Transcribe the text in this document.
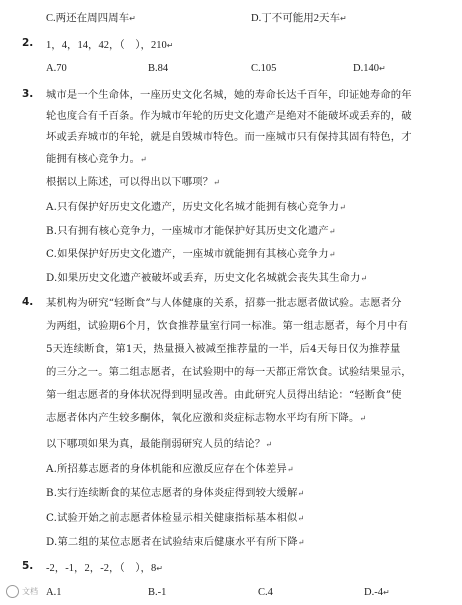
C.两还在周四周车↵	D.丁不可能用2天车↵
2. 1，4，14，42，（　），210↵
A.70	B.84	C.105	D.140↵
3. 城市是一个生命体，一座历史文化名城，她的寿命长达千百年，印证她寿命的年
轮也度合有千百条。作为城市年轮的历史文化遗产是绝对不能破坏或丢弃的，破
坏或丢弃城市的年轮，就是自毁城市特色。而一座城市只有保持其固有特色，才
能拥有核心竞争力。↵
根据以上陈述，可以得出以下哪项？↵
A.只有保护好历史文化遗产，历史文化名城才能拥有核心竞争力↵
B.只有拥有核心竞争力，一座城市才能保护好其历史文化遗产↵
C.如果保护好历史文化遗产，一座城市就能拥有其核心竞争力↵
D.如果历史文化遗产被破坏或丢弃，历史文化名城就会丧失其生命力↵
4. 某机构为研究“轻断食”与人体健康的关系，招募一批志愿者做试验。志愿者分
为两组，试验期6个月，饮食推荐量室行同一标准。第一组志愿者，每个月中有
5天连续断食，第1天，热量摄入被减至推荐量的一半，后4天每日仅为推荐量
的三分之一。第二组志愿者，在试验期中的每一天都正常饮食。试验结果显示，
第一组志愿者的身体状况得到明显改善。由此研究人员得出结论：“轻断食”使
志愿者体内产生较多酮体，氧化应激和炎症标志物水平均有所下降。↵
以下哪项如果为真，最能削弱研究人员的结论？↵
A.所招募志愿者的身体机能和应激反应存在个体差异↵
B.实行连续断食的某位志愿者的身体炎症得到较大缓解↵
C.试验开始之前志愿者体检显示相关健康指标基本相似↵
D.第二组的某位志愿者在试验结束后健康水平有所下降↵
5. -2，-1，2，-2，（　），8↵
A.1	B.-1	C.4	D.-4↵
文档
